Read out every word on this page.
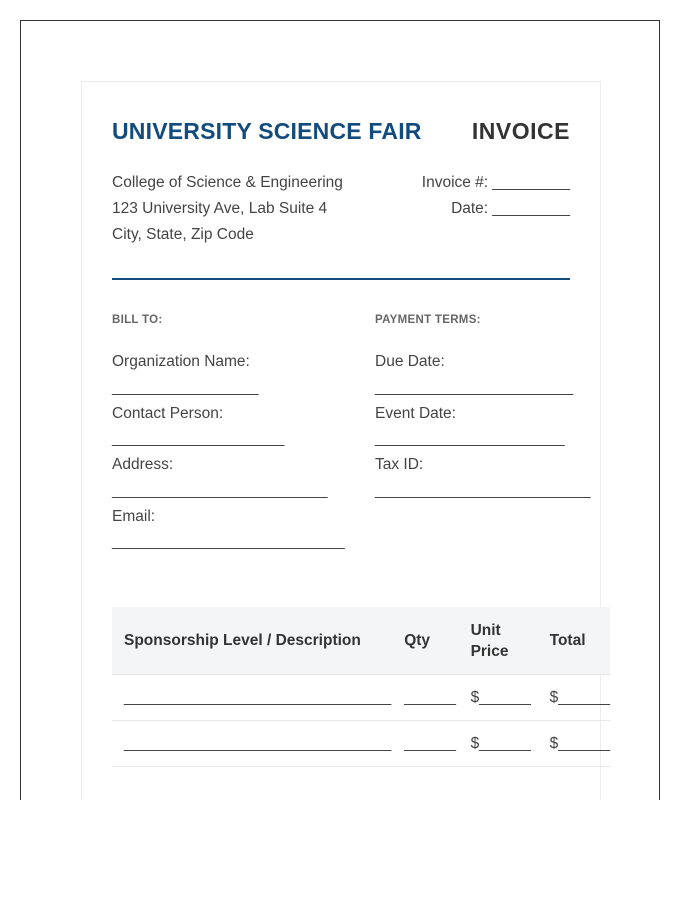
UNIVERSITY SCIENCE FAIR INVOICE
College of Science & Engineering
123 University Ave, Lab Suite 4
City, State, Zip Code
Invoice #: _________
Date: _________
BILL TO:	PAYMENT TERMS:
Organization Name:
_________________
Contact Person:
____________________
Address:
_________________________
Email:
___________________________
Due Date:
_______________________
Event Date:
______________________
Tax ID:
_________________________
Sponsorship Level / Description	Qty	Unit Price	Total
_______________________________	______	$______	$______
_______________________________	______	$______	$______
